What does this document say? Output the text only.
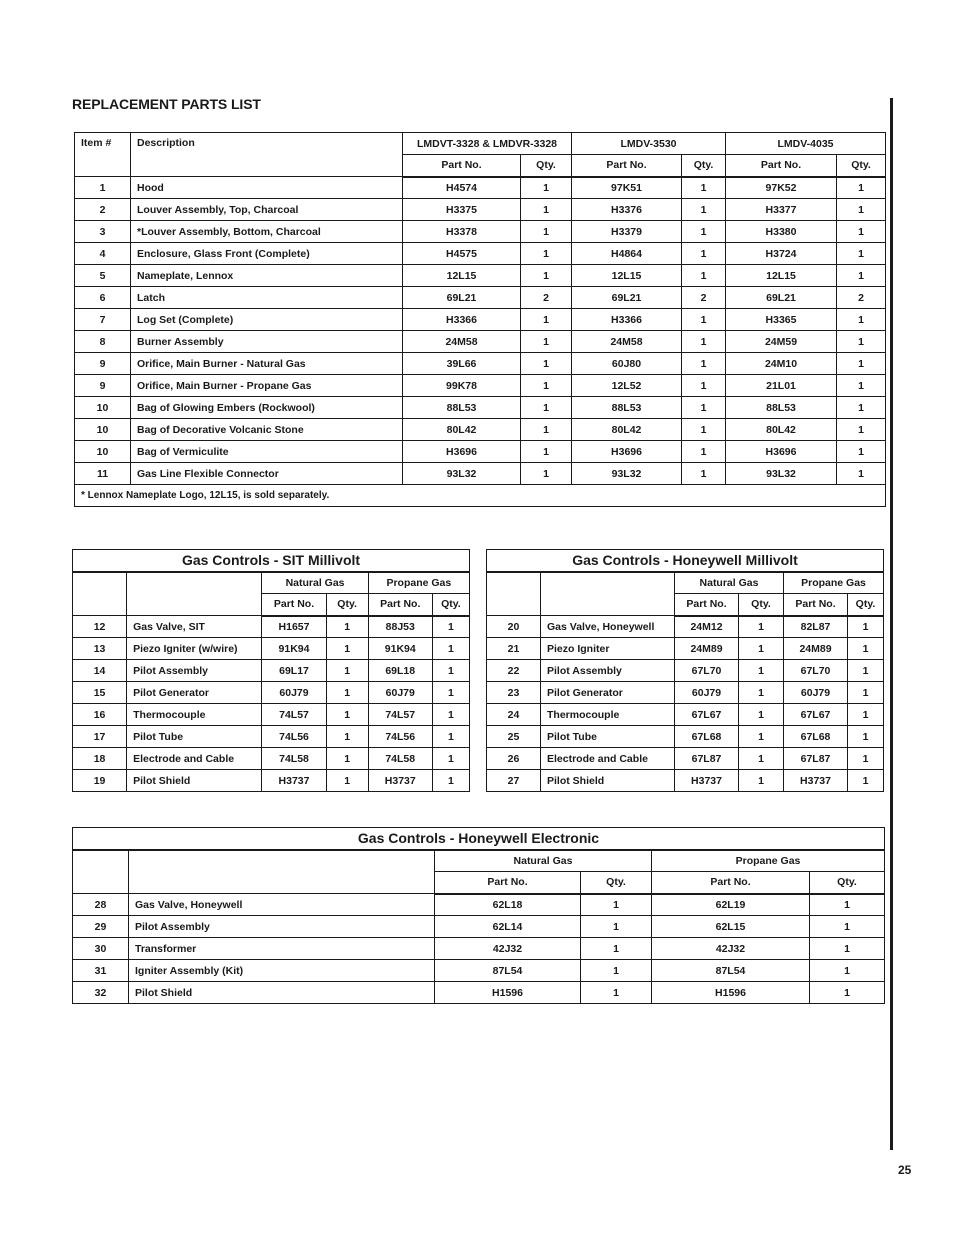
REPLACEMENT PARTS LIST
25
Item #	Description	LMDVT-3328 & LMDVR-3328		LMDV-3530		LMDV-4035	
		Part No.	Qty.	Part No.	Qty.	Part No.	Qty.
1	Hood	H4574	1	97K51	1	97K52	1
2	Louver Assembly, Top, Charcoal	H3375	1	H3376	1	H3377	1
3	*Louver Assembly, Bottom, Charcoal	H3378	1	H3379	1	H3380	1
4	Enclosure, Glass Front (Complete)	H4575	1	H4864	1	H3724	1
5	Nameplate, Lennox	12L15	1	12L15	1	12L15	1
6	Latch	69L21	2	69L21	2	69L21	2
7	Log Set (Complete)	H3366	1	H3366	1	H3365	1
8	Burner Assembly	24M58	1	24M58	1	24M59	1
9	Orifice, Main Burner - Natural Gas	39L66	1	60J80	1	24M10	1
9	Orifice, Main Burner - Propane Gas	99K78	1	12L52	1	21L01	1
10	Bag of Glowing Embers (Rockwool)	88L53	1	88L53	1	88L53	1
10	Bag of Decorative Volcanic Stone	80L42	1	80L42	1	80L42	1
10	Bag of Vermiculite	H3696	1	H3696	1	H3696	1
11	Gas Line Flexible Connector	93L32	1	93L32	1	93L32	1
* Lennox Nameplate Logo, 12L15, is sold separately.							
Gas Controls - SIT Millivolt					
		Natural Gas		Propane Gas	
		Part No.	Qty.	Part No.	Qty.
12	Gas Valve, SIT	H1657	1	88J53	1
13	Piezo Igniter (w/wire)	91K94	1	91K94	1
14	Pilot Assembly	69L17	1	69L18	1
15	Pilot Generator	60J79	1	60J79	1
16	Thermocouple	74L57	1	74L57	1
17	Pilot Tube	74L56	1	74L56	1
18	Electrode and Cable	74L58	1	74L58	1
19	Pilot Shield	H3737	1	H3737	1
Gas Controls - Honeywell Millivolt					
		Natural Gas		Propane Gas	
		Part No.	Qty.	Part No.	Qty.
20	Gas Valve, Honeywell	24M12	1	82L87	1
21	Piezo Igniter	24M89	1	24M89	1
22	Pilot Assembly	67L70	1	67L70	1
23	Pilot Generator	60J79	1	60J79	1
24	Thermocouple	67L67	1	67L67	1
25	Pilot Tube	67L68	1	67L68	1
26	Electrode and Cable	67L87	1	67L87	1
27	Pilot Shield	H3737	1	H3737	1
Gas Controls - Honeywell Electronic					
		Natural Gas		Propane Gas	
		Part No.	Qty.	Part No.	Qty.
28	Gas Valve, Honeywell	62L18	1	62L19	1
29	Pilot Assembly	62L14	1	62L15	1
30	Transformer	42J32	1	42J32	1
31	Igniter Assembly (Kit)	87L54	1	87L54	1
32	Pilot Shield	H1596	1	H1596	1
